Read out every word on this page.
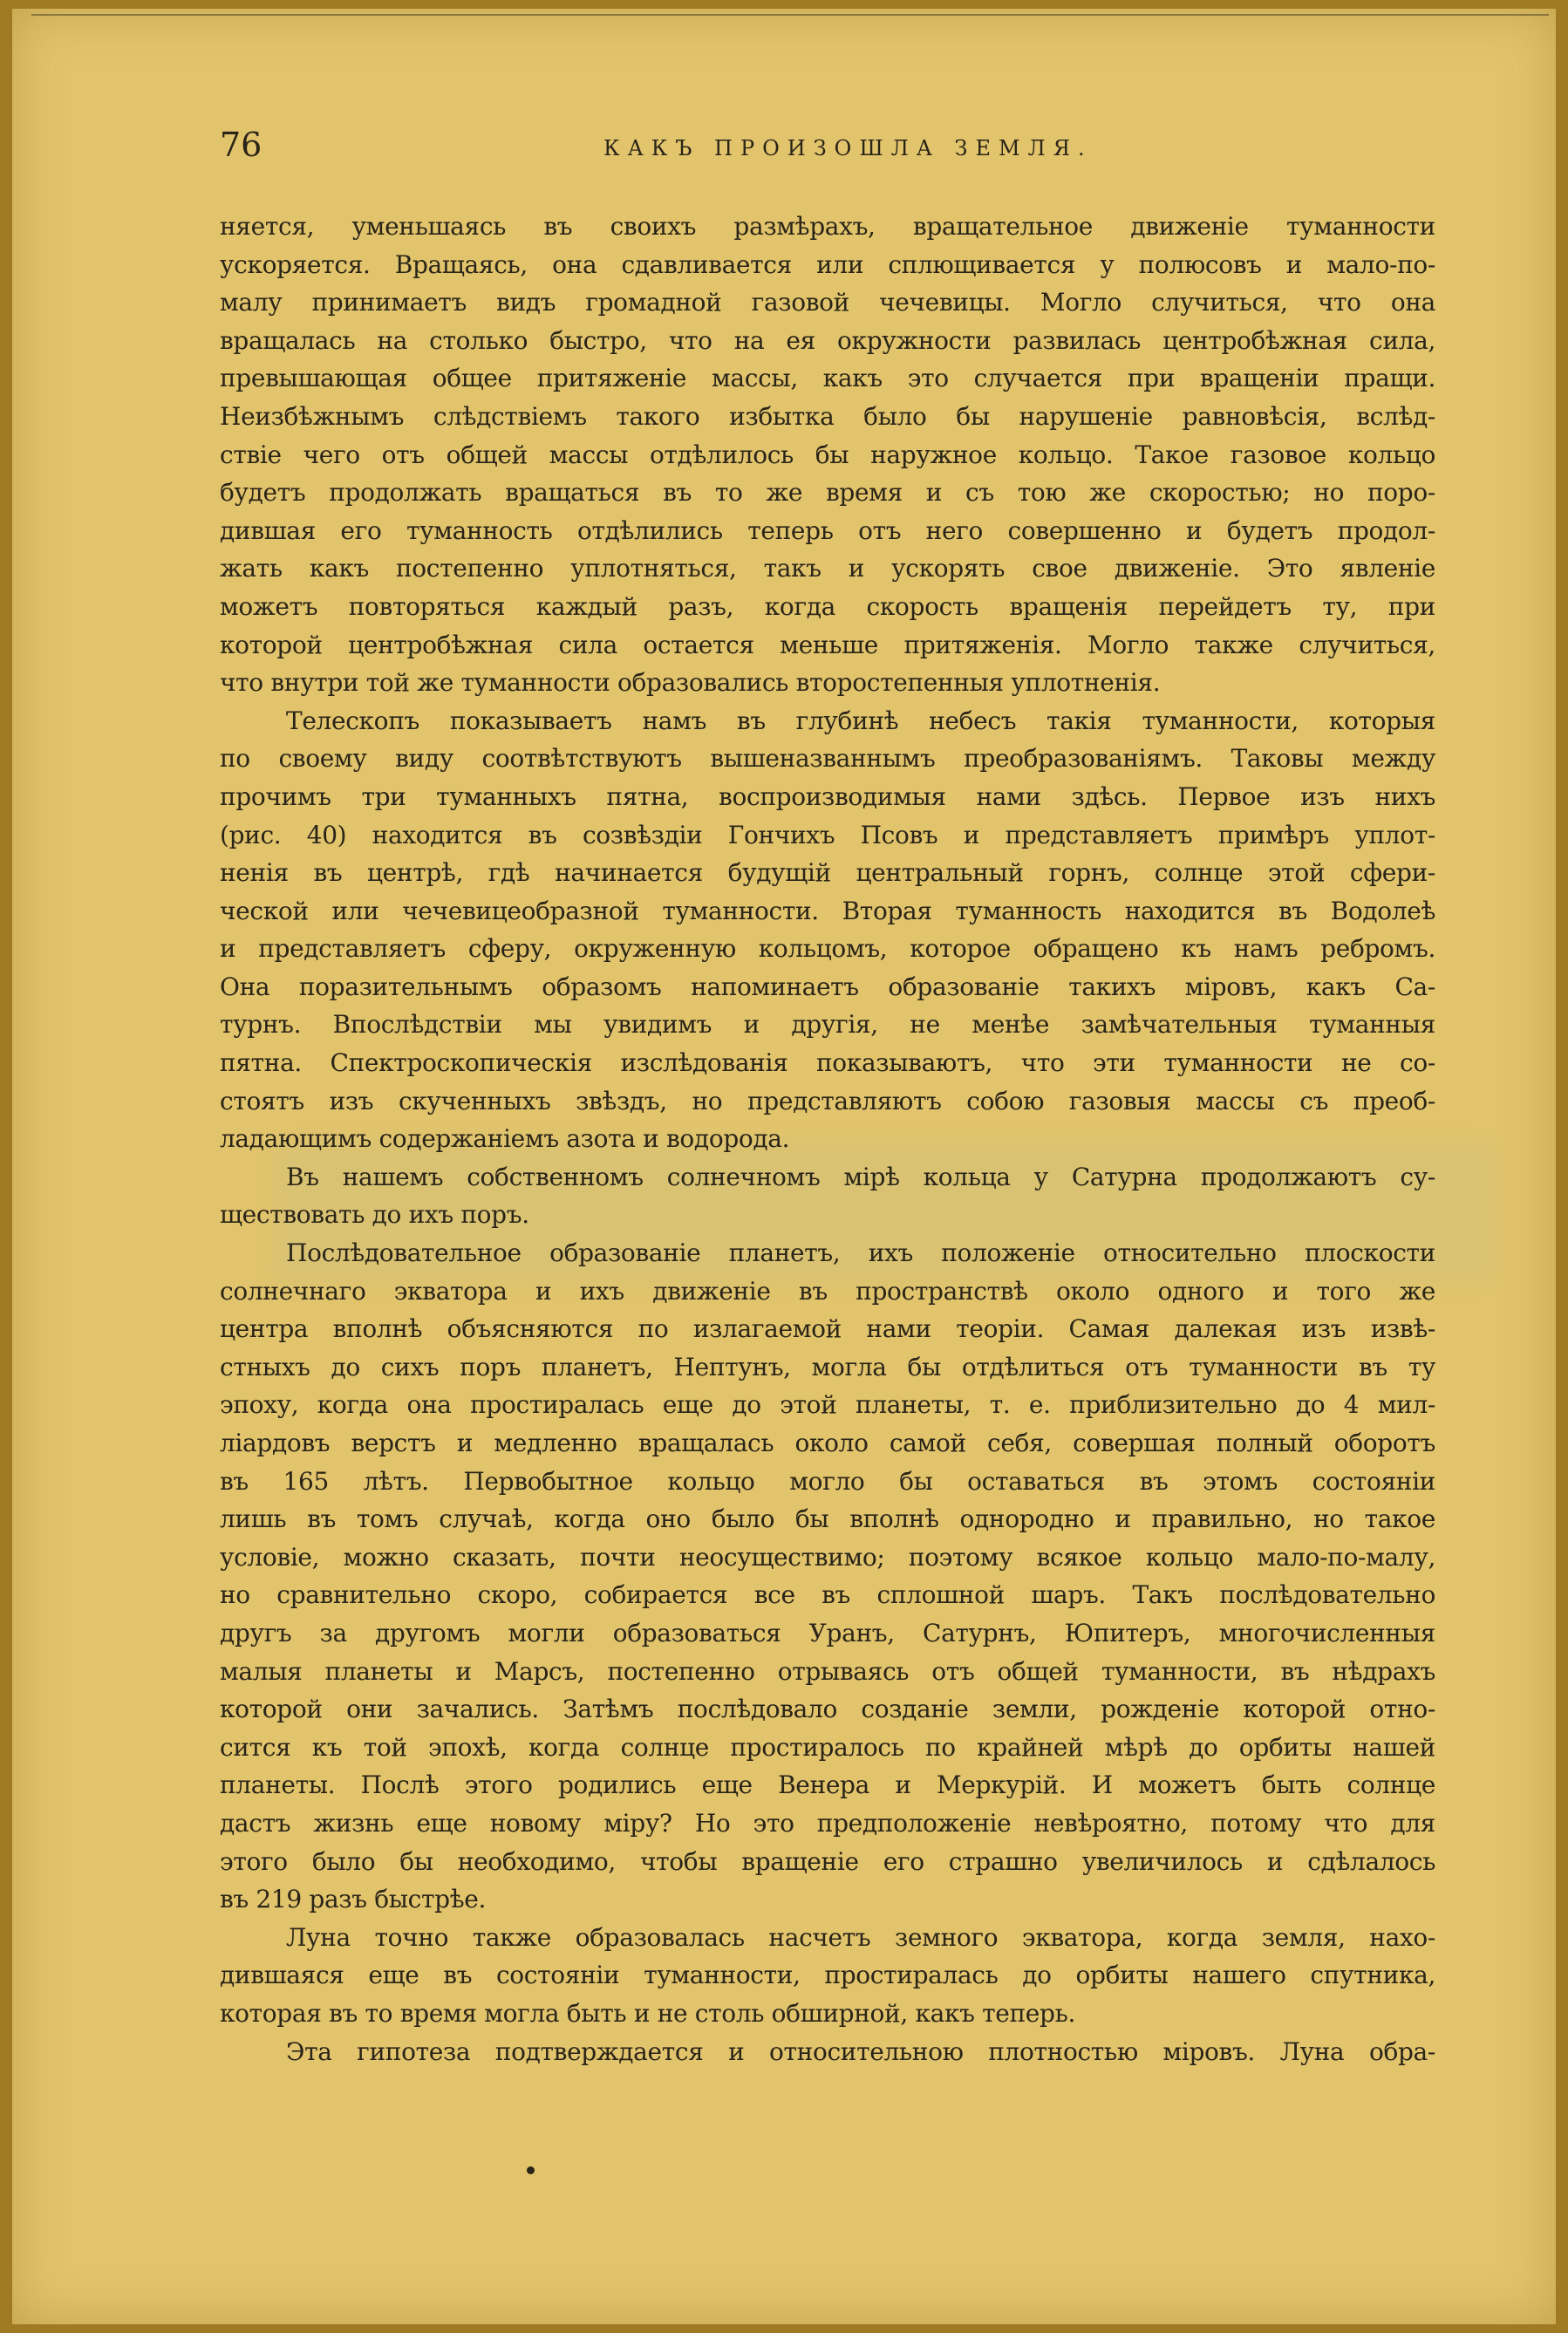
76	КАКЪ ПРОИЗОШЛА ЗЕМЛЯ.
няется, уменьшаясь въ своихъ размѣрахъ, вращательное движеніе туманности
ускоряется. Вращаясь, она сдавливается или сплющивается у полюсовъ и мало-по-
малу принимаетъ видъ громадной газовой чечевицы. Могло случиться, что она
вращалась на столько быстро, что на ея окружности развилась центробѣжная сила,
превышающая общее притяженіе массы, какъ это случается при вращеніи пращи.
Неизбѣжнымъ слѣдствіемъ такого избытка было бы нарушеніе равновѣсія, вслѣд-
ствіе чего отъ общей массы отдѣлилось бы наружное кольцо. Такое газовое кольцо
будетъ продолжать вращаться въ то же время и съ тою же скоростью; но поро-
дившая его туманность отдѣлились теперь отъ него совершенно и будетъ продол-
жать какъ постепенно уплотняться, такъ и ускорять свое движеніе. Это явленіе
можетъ повторяться каждый разъ, когда скорость вращенія перейдетъ ту, при
которой центробѣжная сила остается меньше притяженія. Могло также случиться,
что внутри той же туманности образовались второстепенныя уплотненія.
Телескопъ показываетъ намъ въ глубинѣ небесъ такія туманности, которыя
по своему виду соотвѣтствуютъ вышеназваннымъ преобразованіямъ. Таковы между
прочимъ три туманныхъ пятна, воспроизводимыя нами здѣсь. Первое изъ нихъ
(рис. 40) находится въ созвѣздіи Гончихъ Псовъ и представляетъ примѣръ уплот-
ненія въ центрѣ, гдѣ начинается будущій центральный горнъ, солнце этой сфери-
ческой или чечевицеобразной туманности. Вторая туманность находится въ Водолеѣ
и представляетъ сферу, окруженную кольцомъ, которое обращено къ намъ ребромъ.
Она поразительнымъ образомъ напоминаетъ образованіе такихъ міровъ, какъ Са-
турнъ. Впослѣдствіи мы увидимъ и другія, не менѣе замѣчательныя туманныя
пятна. Спектроскопическія изслѣдованія показываютъ, что эти туманности не со-
стоятъ изъ скученныхъ звѣздъ, но представляютъ собою газовыя массы съ преоб-
ладающимъ содержаніемъ азота и водорода.
Въ нашемъ собственномъ солнечномъ мірѣ кольца у Сатурна продолжаютъ су-
ществовать до ихъ поръ.
Послѣдовательное образованіе планетъ, ихъ положеніе относительно плоскости
солнечнаго экватора и ихъ движеніе въ пространствѣ около одного и того же
центра вполнѣ объясняются по излагаемой нами теоріи. Самая далекая изъ извѣ-
стныхъ до сихъ поръ планетъ, Нептунъ, могла бы отдѣлиться отъ туманности въ ту
эпоху, когда она простиралась еще до этой планеты, т. е. приблизительно до 4 мил-
ліардовъ верстъ и медленно вращалась около самой себя, совершая полный оборотъ
въ 165 лѣтъ. Первобытное кольцо могло бы оставаться въ этомъ состояніи
лишь въ томъ случаѣ, когда оно было бы вполнѣ однородно и правильно, но такое
условіе, можно сказать, почти неосуществимо; поэтому всякое кольцо мало-по-малу,
но сравнительно скоро, собирается все въ сплошной шаръ. Такъ послѣдовательно
другъ за другомъ могли образоваться Уранъ, Сатурнъ, Юпитеръ, многочисленныя
малыя планеты и Марсъ, постепенно отрываясь отъ общей туманности, въ нѣдрахъ
которой они зачались. Затѣмъ послѣдовало созданіе земли, рожденіе которой отно-
сится къ той эпохѣ, когда солнце простиралось по крайней мѣрѣ до орбиты нашей
планеты. Послѣ этого родились еще Венера и Меркурій. И можетъ быть солнце
дастъ жизнь еще новому міру? Но это предположеніе невѣроятно, потому что для
этого было бы необходимо, чтобы вращеніе его страшно увеличилось и сдѣлалось
въ 219 разъ быстрѣе.
Луна точно также образовалась насчетъ земного экватора, когда земля, нахо-
дившаяся еще въ состояніи туманности, простиралась до орбиты нашего спутника,
которая въ то время могла быть и не столь обширной, какъ теперь.
Эта гипотеза подтверждается и относительною плотностью міровъ. Луна обра-
